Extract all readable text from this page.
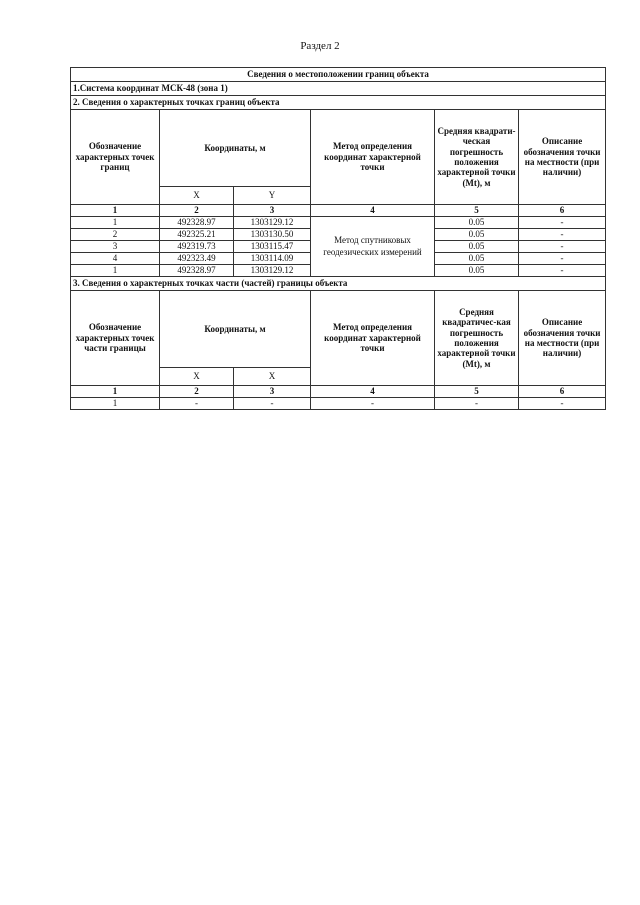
Раздел 2
Сведения о местоположении границ объекта					
1.Система координат МСК-48 (зона 1)					
2. Сведения о характерных точках границ объекта					
Обозначение характерных точек границ	Координаты, м		Метод определения координат характерной точки	Средняя квадрати-ческая погрешность положения характерной точки (Mt), м	Описание обозначения точки на местности (при наличии)
	X	Y			
1	2	3	4	5	6
1	492328.97	1303129.12	Метод спутниковых геодезических измерений	0.05	-
2	492325.21	1303130.50		0.05	-
3	492319.73	1303115.47		0.05	-
4	492323.49	1303114.09		0.05	-
1	492328.97	1303129.12		0.05	-
3. Сведения о характерных точках части (частей) границы объекта					
Обозначение характерных точек части границы	Координаты, м		Метод определения координат характерной точки	Средняя квадратичес-кая погрешность положения характерной точки (Mt), м	Описание обозначения точки на местности (при наличии)
	X	X			
1	2	3	4	5	6
1	-	-	-	-	-
